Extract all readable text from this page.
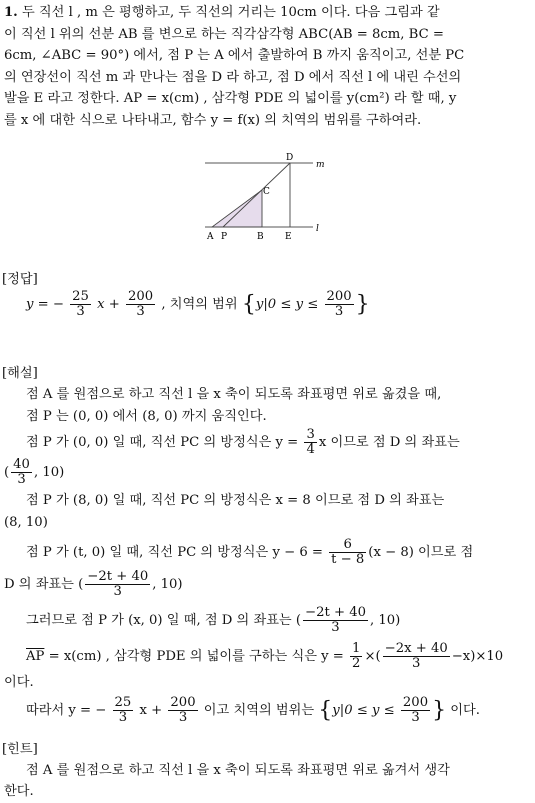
1. 두 직선 l , m 은 평행하고, 두 직선의 거리는 10cm 이다. 다음 그림과 같
이 직선 l 위의 선분 AB 를 변으로 하는 직각삼각형 ABC(AB = 8cm, BC =
6cm, ∠ABC = 90°) 에서, 점 P 는 A 에서 출발하여 B 까지 움직이고, 선분 PC
의 연장선이 직선 m 과 만나는 점을 D 라 하고, 점 D 에서 직선 l 에 내린 수선의
발을 E 라고 정한다. AP = x(cm) , 삼각형 PDE 의 넓이를 y(cm²) 라 할 때, y
를 x 에 대한 식으로 나타내고, 함수 y = f(x) 의 치역의 범위를 구하여라.
A P	B E
C
D
l
m
[정답]
y = − $\frac{25}{3}$ $x + \frac{200}{3}$ , 치역의 범위 {$y|0 \le y \le \frac{200}{3}$ }
[해설]
점 A 를 원점으로 하고 직선 l 을 x 축이 되도록 좌표평면 위로 옮겼을 때,
점 P 는 (0, 0) 에서 (8, 0) 까지 움직인다.
점 P 가 (0, 0) 일 때, 직선 PC 의 방정식은 $y = \frac{3}{4}$ x 이므로 점 D 의 좌표는
( $\frac{40}{3}$ , 10)
점 P 가 (8, 0) 일 때, 직선 PC 의 방정식은 x = 8 이므로 점 D 의 좌표는
(8, 10)
점 P 가 (t, 0) 일 때, 직선 PC 의 방정식은 $y - 6 = \frac{6}{t - 8} (x - 8)$ 이므로 점
D 의 좌표는 ( $\frac{-2t + 40}{3}$ , 10)
그러므로 점 P 가 (x, 0) 일 때, 점 D 의 좌표는 ( $\frac{-2t + 40}{3}$ , 10)
$\overline{AP} = x(cm)$ , 삼각형 PDE 의 넓이를 구하는 식은 $y = \frac{1}{2}$ ×( $\frac{-2x + 40}{3} -x)\times 10$
이다.
따라서 y = − $\frac{25}{3}$ $x + \frac{200}{3}$ 이고 치역의 범위는 {$y|0 \le y \le \frac{200}{3}$ } 이다.
[힌트]
점 A 를 원점으로 하고 직선 l 을 x 축이 되도록 좌표평면 위로 옮겨서 생각
한다.
